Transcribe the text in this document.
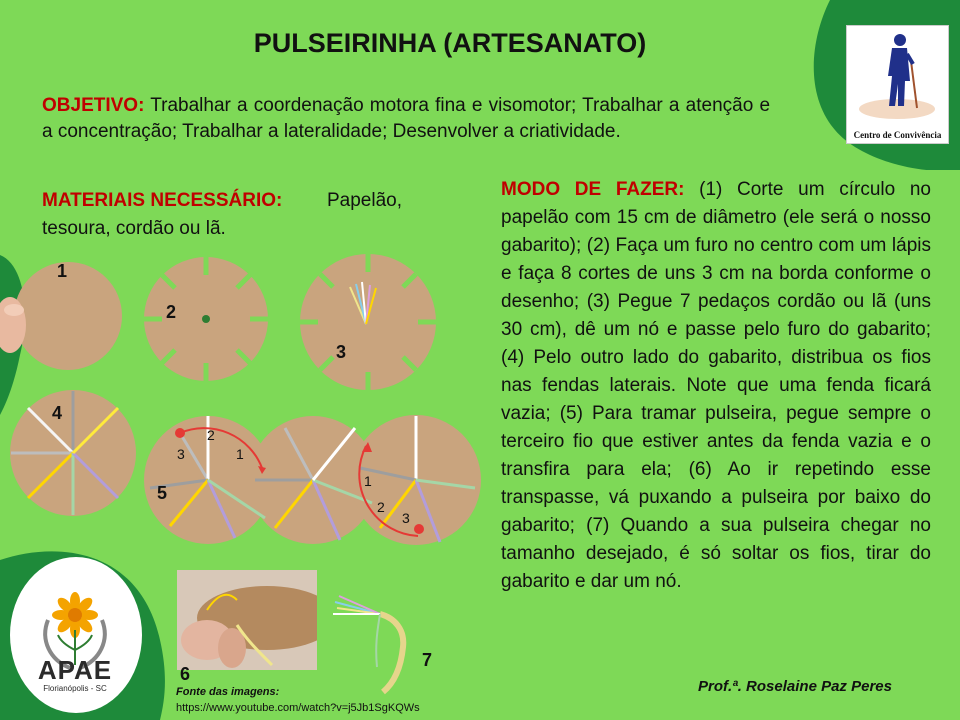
PULSEIRINHA (ARTESANATO)
OBJETIVO: Trabalhar a coordenação motora fina e visomotor; Trabalhar a atenção e a concentração; Trabalhar a lateralidade; Desenvolver a criatividade.
MATERIAIS NECESSÁRIO: Papelão,
tesoura, cordão ou lã.
MODO DE FAZER: (1) Corte um círculo no papelão com 15 cm de diâmetro (ele será o nosso gabarito); (2) Faça um furo no centro com um lápis e faça 8 cortes de uns 3 cm na borda conforme o desenho; (3) Pegue 7 pedaços cordão ou lã (uns 30 cm), dê um nó e passe pelo furo do gabarito; (4) Pelo outro lado do gabarito, distribua os fios nas fendas laterais. Note que uma fenda ficará vazia; (5) Para tramar pulseira, pegue sempre o terceiro fio que estiver antes da fenda vazia e o transfira para ela; (6) Ao ir repetindo esse transpasse, vá puxando a pulseira por baixo do gabarito; (7) Quando a sua pulseira chegar no tamanho desejado, é só soltar os fios, tirar do gabarito e dar um nó.
Centro de Convivência
APAE
Florianópolis - SC
3
2
1
1
2
3
1
2
3
4
5
6
7
Fonte das imagens:
https://www.youtube.com/watch?v=j5Jb1SgKQWs
Prof.ª. Roselaine Paz Peres
